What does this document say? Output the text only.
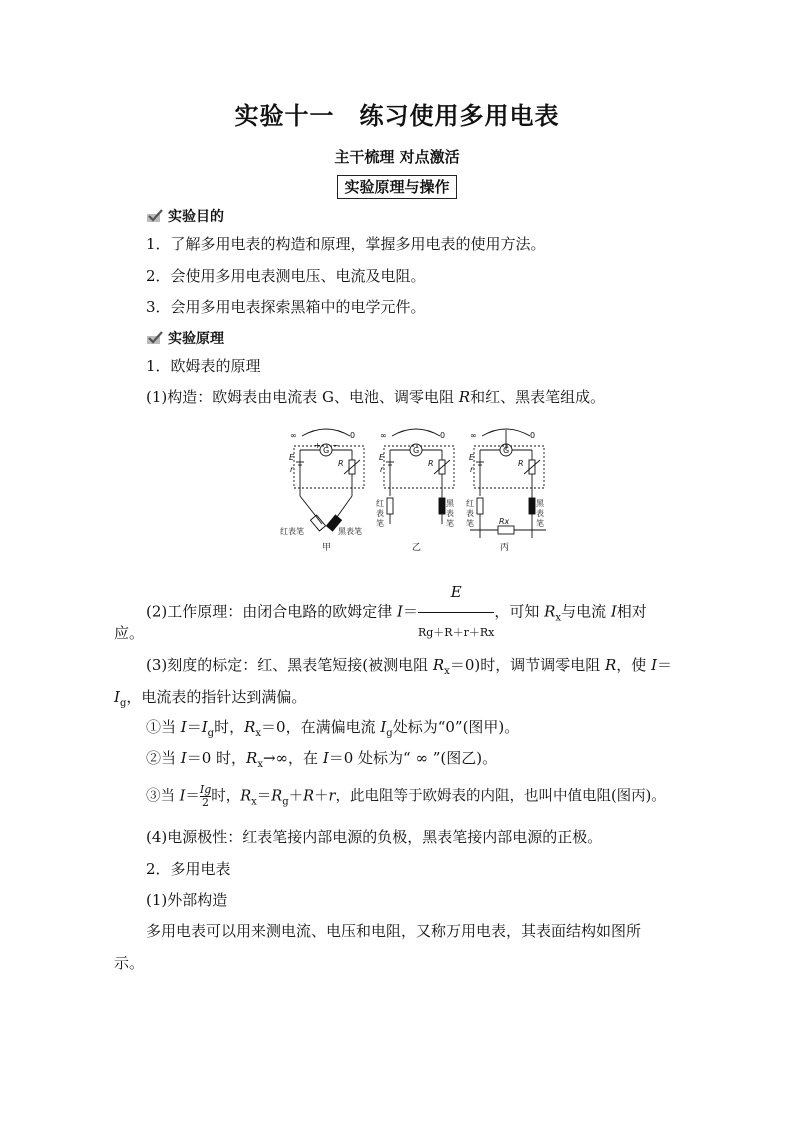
实验十一　练习使用多用电表
主干梳理 对点激活
实验原理与操作
实验目的
1．了解多用电表的构造和原理，掌握多用电表的使用方法。
2．会使用多用电表测电压、电流及电阻。
3．会用多用电表探索黑箱中的电学元件。
实验原理
1．欧姆表的原理
(1)构造：欧姆表由电流表 G、电池、调零电阻 R和红、黑表笔组成。
∞	0
G
+ −
E
r
R
红表笔	黑表笔
甲
∞	0
G
E
r
R
红
表
笔
黑
表
笔
乙
∞	0
G
E
r
R
红
表
笔
黑
表
笔
Rx
丙
(2)工作原理：由闭合电路的欧姆定律 $I= \frac{E}{Rg+R+r+Rx}$ ，可知 $R_x$与电流 I相对
应。
(3)刻度的标定：红、黑表笔短接(被测电阻 $R_x=0$)时，调节调零电阻 R，使 I＝
$I_g$，电流表的指针达到满偏。
①当 $I=I_g$时，$R_x=0$，在满偏电流 $I_g$处标为“0”(图甲)。
②当 I＝0 时，$R_x\to\infty$，在 I＝0 处标为“ ∞ ”(图乙)。
③当 $I= \frac{Ig}{2}$时，$R_x=R_g+R+r$，此电阻等于欧姆表的内阻，也叫中值电阻(图丙)。
(4)电源极性：红表笔接内部电源的负极，黑表笔接内部电源的正极。
2．多用电表
(1)外部构造
多用电表可以用来测电流、电压和电阻，又称万用电表，其表面结构如图所
示。
